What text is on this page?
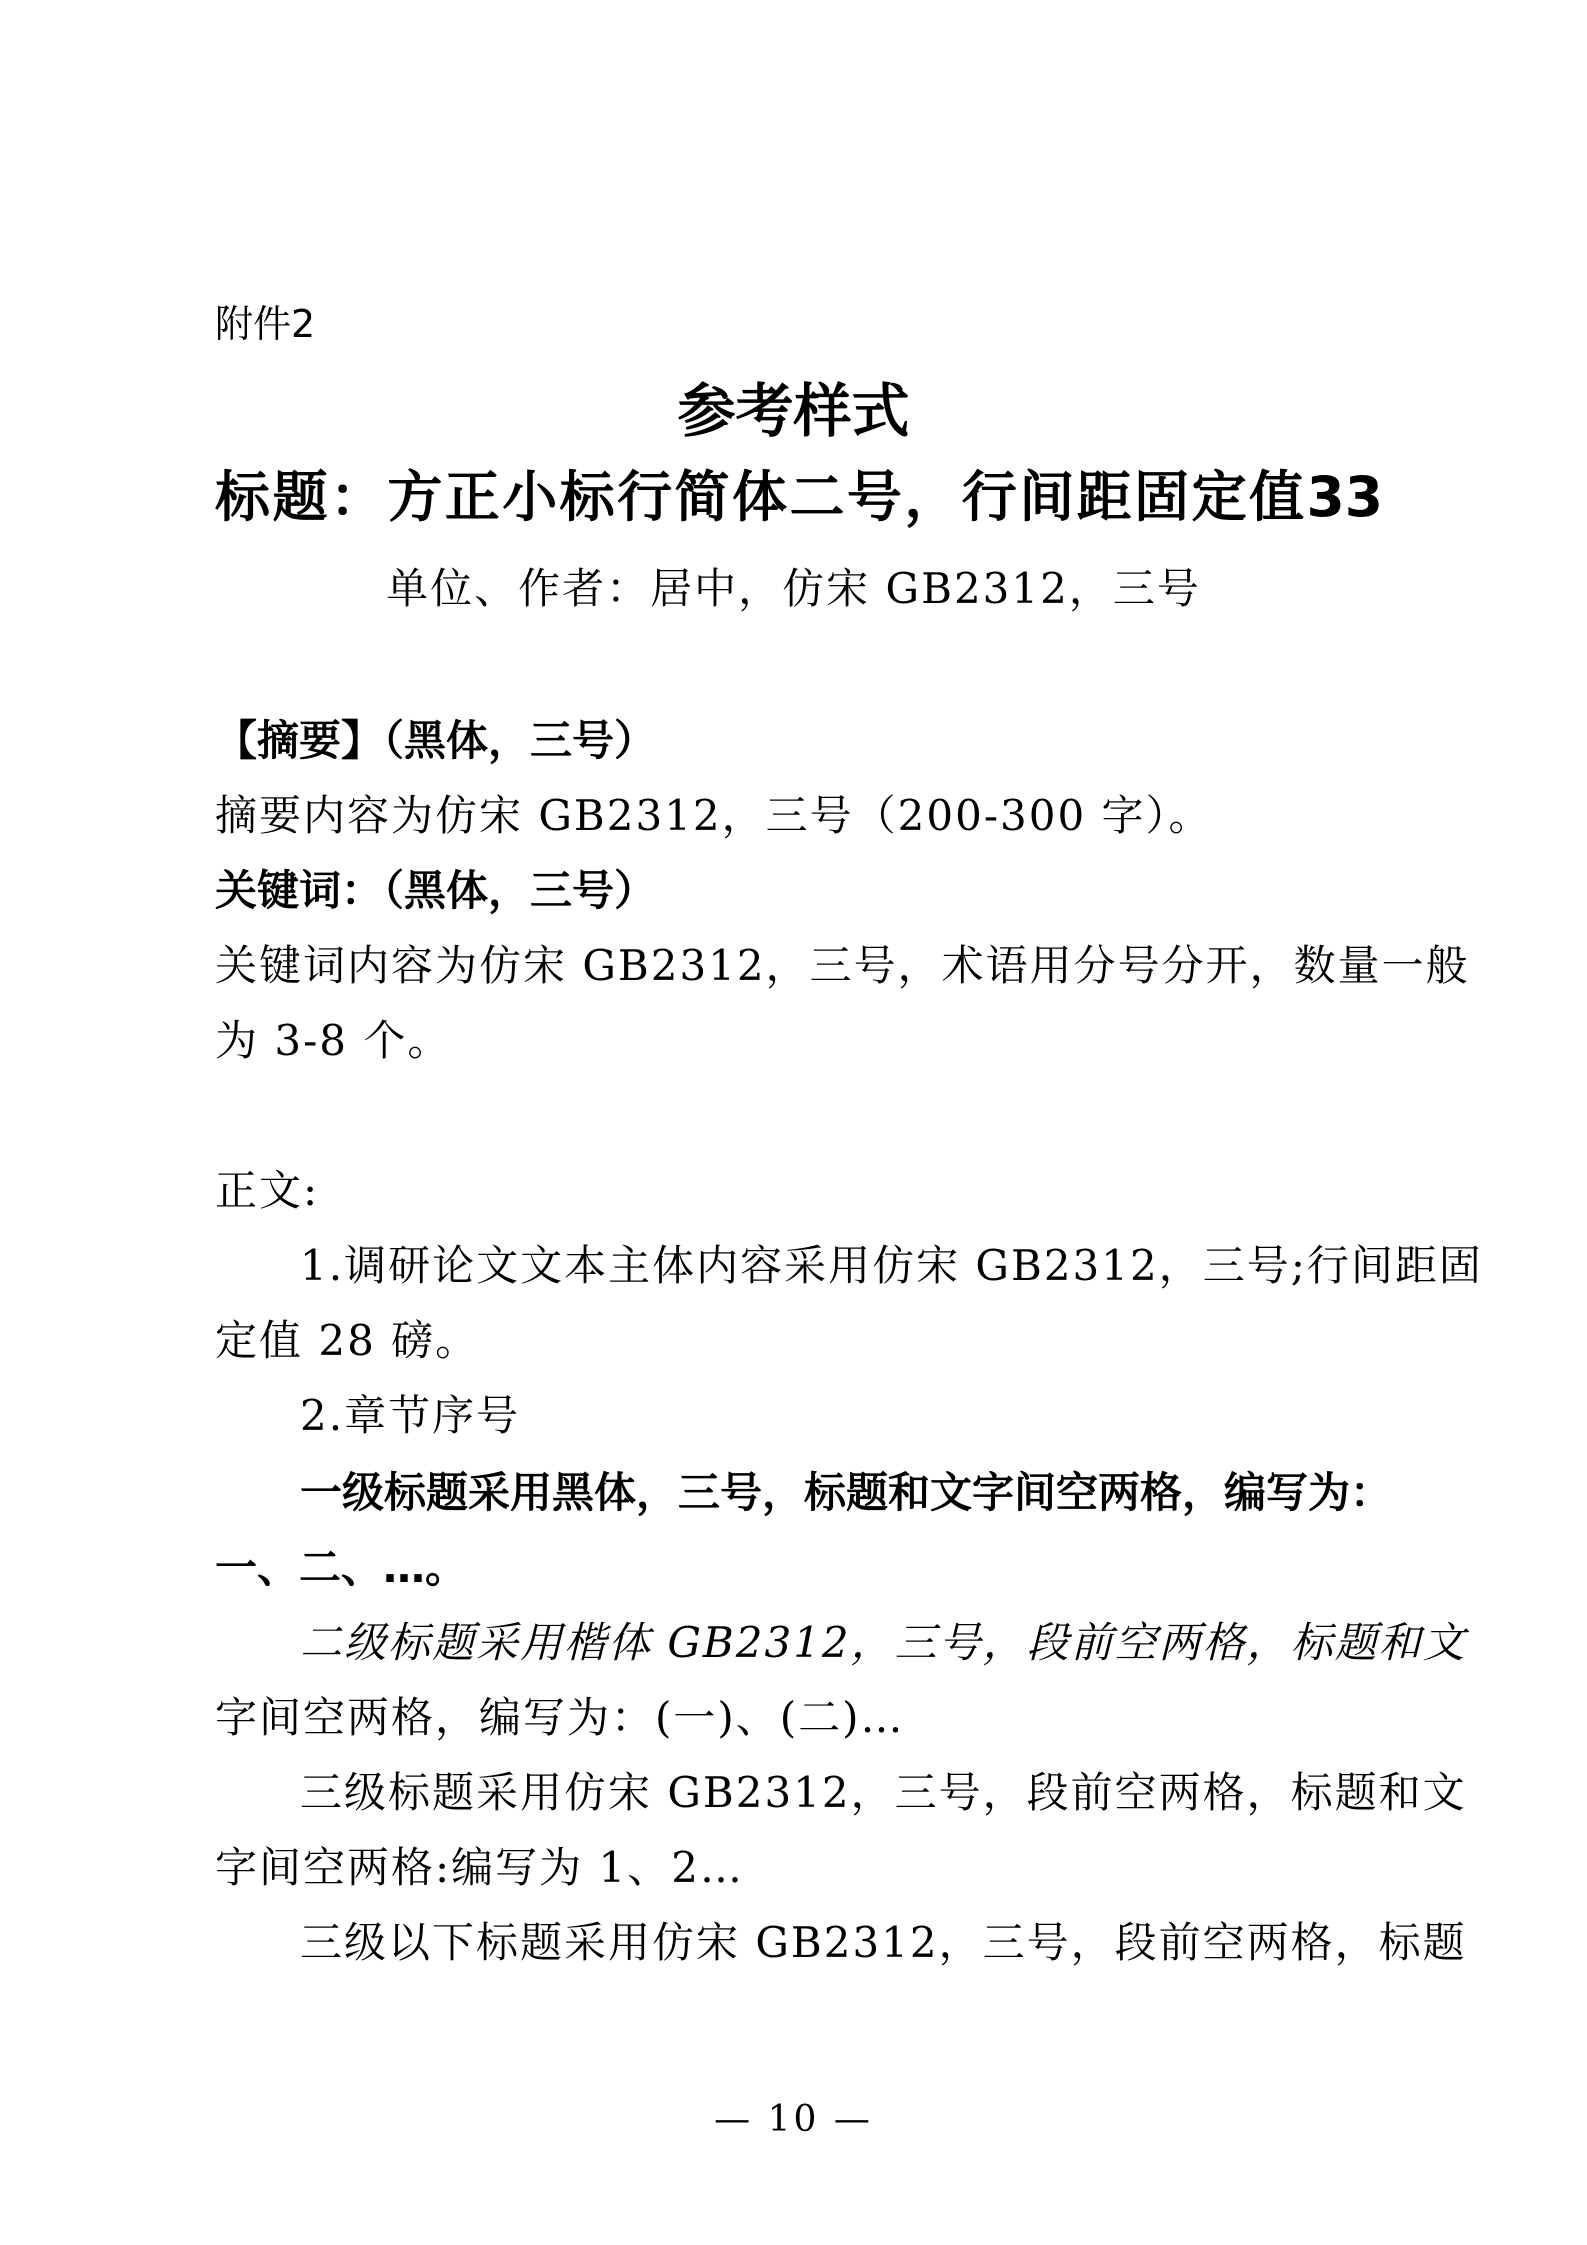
附件2
参考样式
标题：方正小标行简体二号，行间距固定值33
单位、作者：居中，仿宋 GB2312，三号
【摘要】（黑体，三号）
摘要内容为仿宋 GB2312，三号（200-300 字）。
关键词：（黑体，三号）
关键词内容为仿宋 GB2312，三号，术语用分号分开，数量一般
为 3-8 个。
正文:
1.调研论文文本主体内容采用仿宋 GB2312，三号;行间距固
定值 28 磅。
2.章节序号
一级标题采用黑体，三号，标题和文字间空两格，编写为：
一、二、…。
二级标题采用楷体 GB2312，三号，段前空两格，标题和文
字间空两格，编写为：(一)、(二)…
三级标题采用仿宋 GB2312，三号，段前空两格，标题和文
字间空两格:编写为 1、2…
三级以下标题采用仿宋 GB2312，三号，段前空两格，标题
— 10 —
